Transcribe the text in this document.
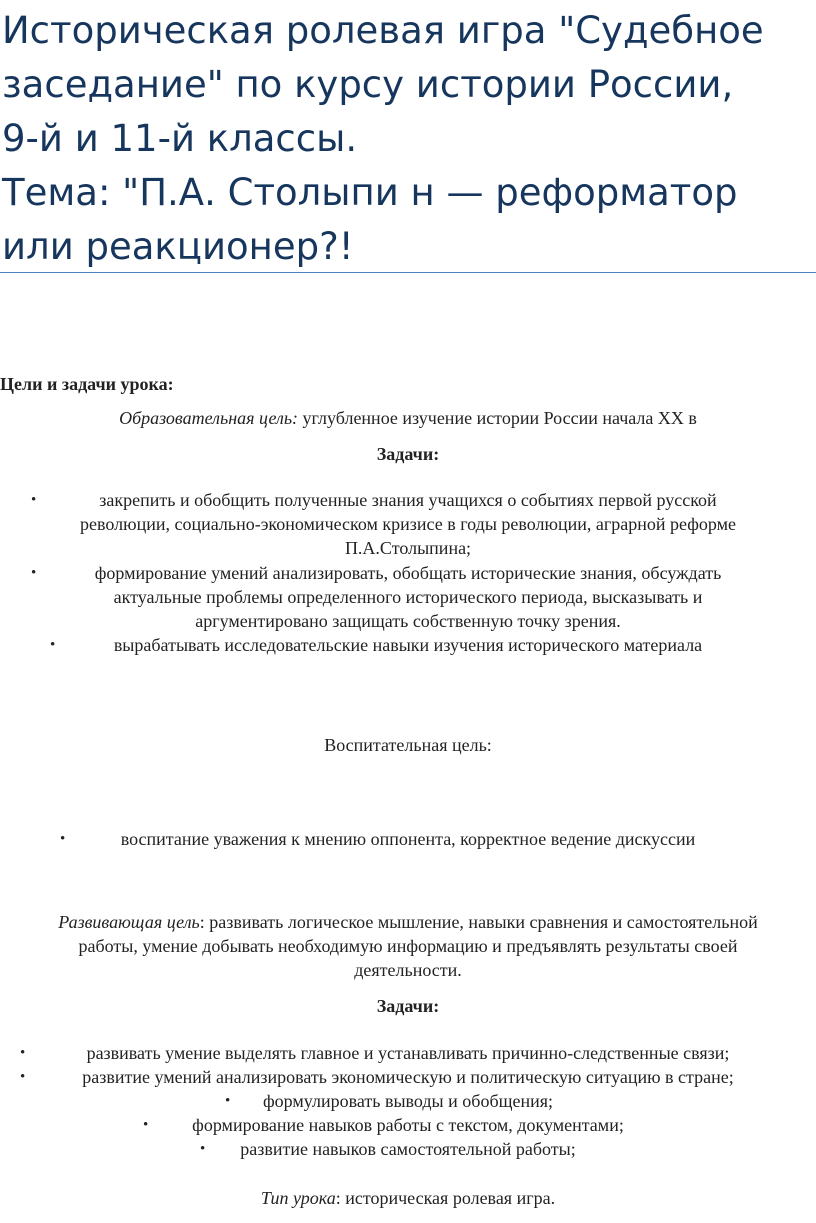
Историческая ролевая игра "Судебное
заседание" по курсу истории России,
9-й и 11-й классы.
Тема: "П.А. Столыпи н — реформатор
или реакционер?!

Цели и задачи урока:

Образовательная цель: углубленное изучение истории России начала XX в

Задачи:

•	закрепить и обобщить полученные знания учащихся о событиях первой русской

революции, социально-экономическом кризисе в годы революции, аграрной реформе

П.А.Столыпина;

•	формирование умений анализировать, обобщать исторические знания, обсуждать

актуальные проблемы определенного исторического периода, высказывать и

аргументировано защищать собственную точку зрения.

•	вырабатывать исследовательские навыки изучения исторического материала

Воспитательная цель:

•	воспитание уважения к мнению оппонента, корректное ведение дискуссии

Развивающая цель: развивать логическое мышление, навыки сравнения и самостоятельной

работы, умение добывать необходимую информацию и предъявлять результаты своей

деятельности.

Задачи:

•	развивать умение выделять главное и устанавливать причинно-следственные связи;

•	развитие умений анализировать экономическую и политическую ситуацию в стране;

•	формулировать выводы и обобщения;

•	формирование навыков работы с текстом, документами;

•	развитие навыков самостоятельной работы;

Тип урока: историческая ролевая игра.
